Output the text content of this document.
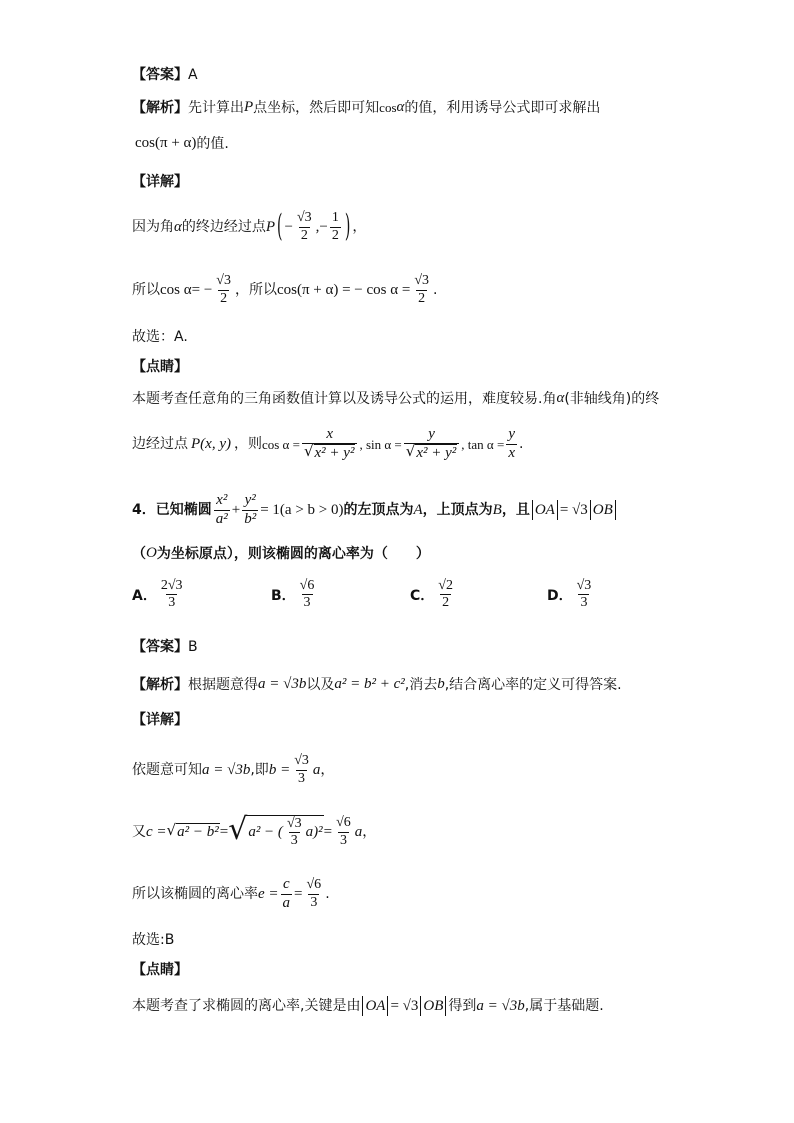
【答案】 A
【解析】 先计算出 P 点坐标，然后即可知 cos α 的值，利用诱导公式即可求解出
cos(π + α) 的值.
【详解】
因为角 α 的终边经过点 P ( − $\frac{√3}{2}$ ,− $\frac{1}{2}$ ) ，
所以 cos α = − $\frac{√3}{2}$ ，所以 cos(π + α) = − $\cos \alpha = \frac{√3}{2}$ .
故选：A.
【点睛】
本题考查任意角的三角函数值计算以及诱导公式的运用，难度较易.角 α (非轴线角)的终
边经过点 P(x, y) ，则 $\cos \alpha = \frac{x}{\text{√ x² + y²}}$ , $\sin \alpha = \frac{y}{\text{√ x² + y²}}$ , $\tan \alpha = \frac{y}{x}$ .
4． 已知椭圆 $\frac{\text{x²}}{\text{a²}} + \frac{\text{y²}}{\text{b²}} = 1(a > b > 0)$ 的左顶点为 A ，上顶点为 B ，且 OA = √3 OB
（ O 为坐标原点），则该椭圆的离心率为（　　）
A． $\frac{2√3}{3}$	B． $\frac{√6}{3}$	C． $\frac{√2}{2}$	D． $\frac{√3}{3}$
【答案】 B
【解析】 根据题意得 a = √3b 以及 a² = b² + c² ,消去 b ,结合离心率的定义可得答案.
【详解】
依题意可知 a = √3b ,即 $b = \frac{√3}{3}$ a ，
又 c = √ a² − b² = √ a² − ( $\frac{√3}{3} a)^2 = \frac{√6}{3}$ a ，
所以该椭圆的离心率 $e = \frac{c}{a} = \frac{√6}{3}$ .
故选:B
【点睛】
本题考查了求椭圆的离心率,关键是由 OA = √3 OB 得到 a = √3b ,属于基础题.
